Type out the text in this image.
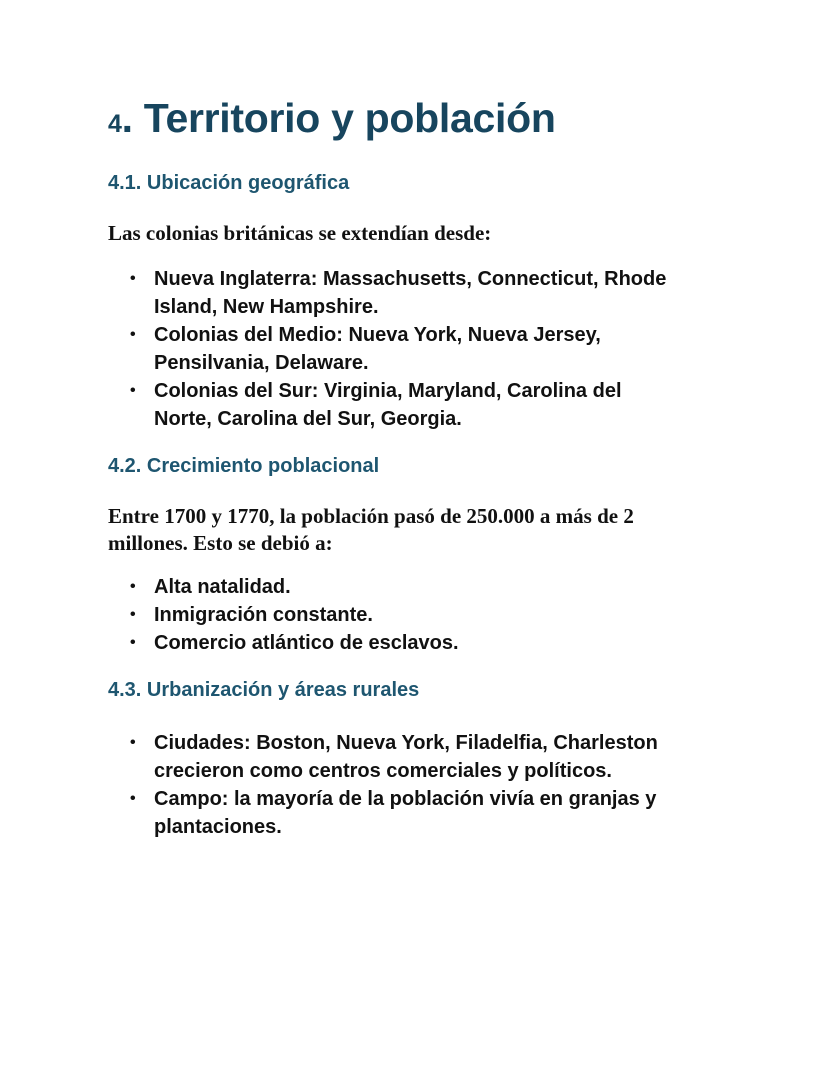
4. Territorio y población
4.1. Ubicación geográfica

Las colonias británicas se extendían desde:

• Nueva Inglaterra: Massachusetts, Connecticut, Rhode Island, New Hampshire.
• Colonias del Medio: Nueva York, Nueva Jersey, Pensilvania, Delaware.
• Colonias del Sur: Virginia, Maryland, Carolina del Norte, Carolina del Sur, Georgia.
4.2. Crecimiento poblacional

Entre 1700 y 1770, la población pasó de 250.000 a más de 2 millones. Esto se debió a:

• Alta natalidad.
• Inmigración constante.
• Comercio atlántico de esclavos.
4.3. Urbanización y áreas rurales
• Ciudades: Boston, Nueva York, Filadelfia, Charleston crecieron como centros comerciales y políticos.
• Campo: la mayoría de la población vivía en granjas y plantaciones.
